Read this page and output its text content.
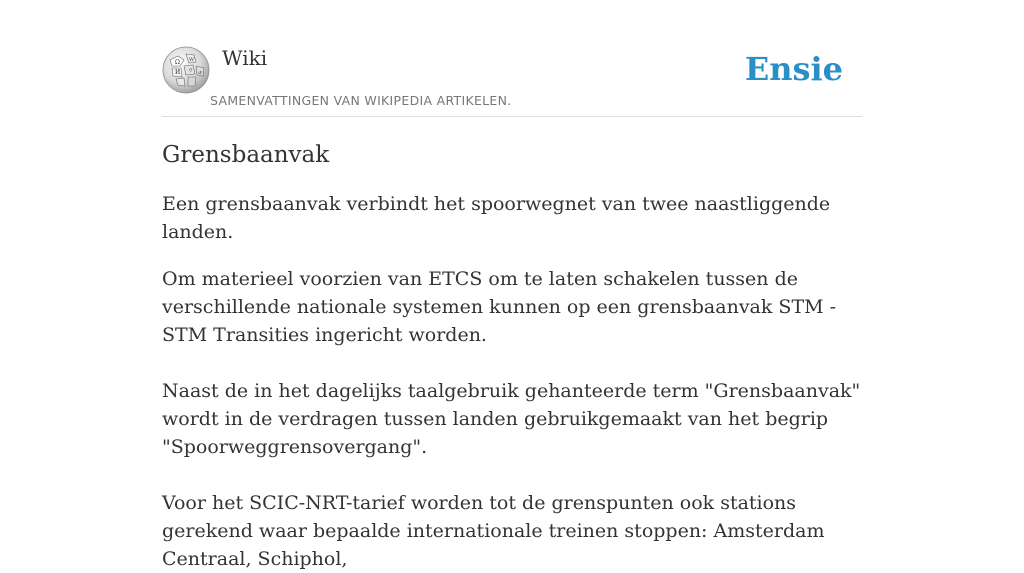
Ω W
И ウ ي
Wiki
SAMENVATTINGEN VAN WIKIPEDIA ARTIKELEN.
Ensie
Grensbaanvak

Een grensbaanvak verbindt het spoorwegnet van twee naastliggende landen.

Om materieel voorzien van ETCS om te laten schakelen tussen de verschillende nationale systemen kunnen op een grensbaanvak STM - STM Transities ingericht worden.

Naast de in het dagelijks taalgebruik gehanteerde term "Grensbaanvak" wordt in de verdragen tussen landen gebruikgemaakt van het begrip "Spoorweggrensovergang".

Voor het SCIC-NRT-tarief worden tot de grenspunten ook stations gerekend waar bepaalde internationale treinen stoppen: Amsterdam Centraal, Schiphol,
